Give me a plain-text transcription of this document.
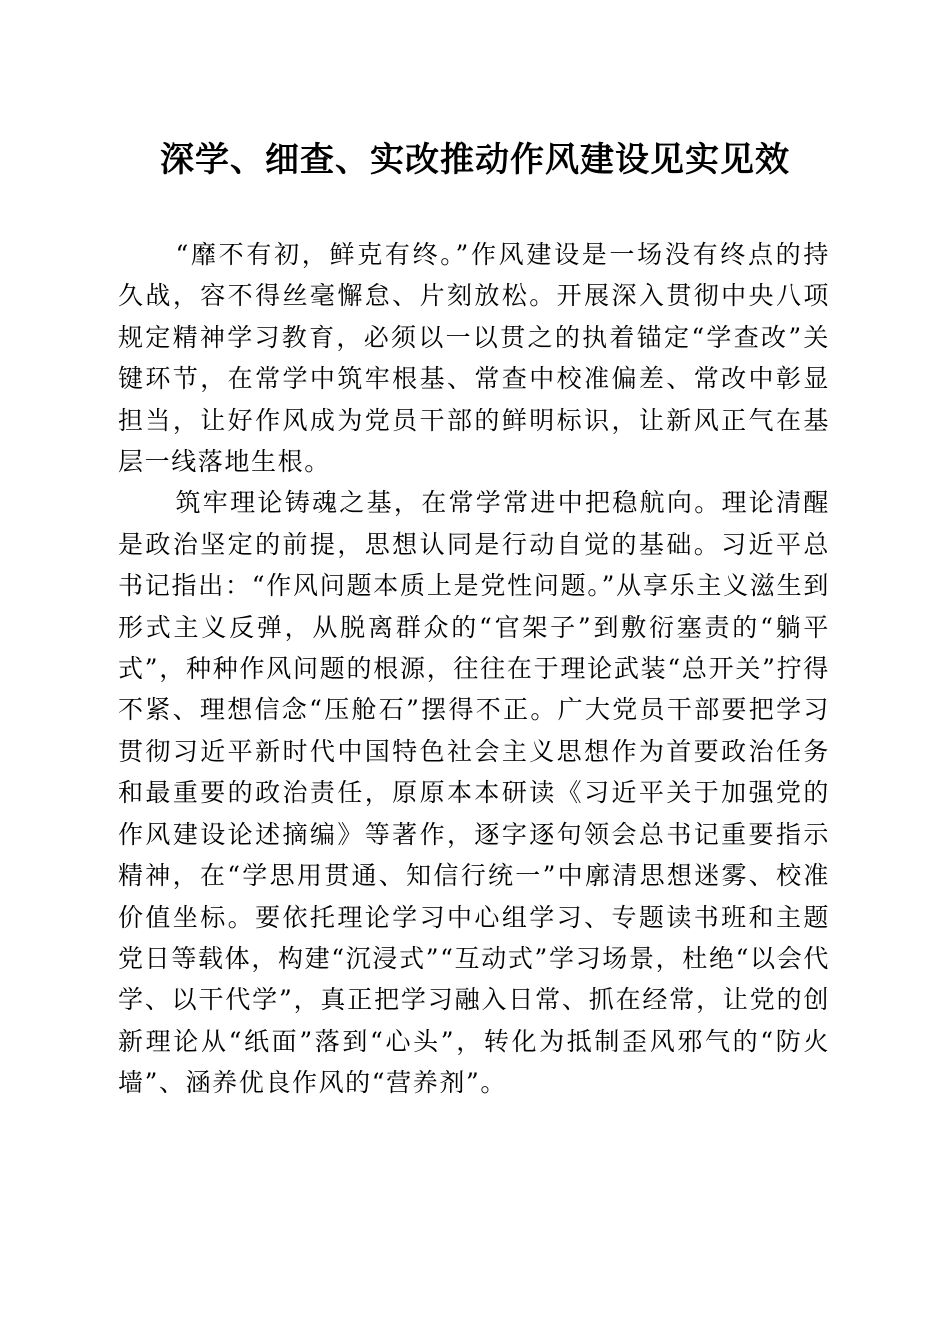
深学、细查、实改推动作风建设见实见效

“靡不有初，鲜克有终。”作风建设是一场没有终点的持久战，容不得丝毫懈怠、片刻放松。开展深入贯彻中央八项规定精神学习教育，必须以一以贯之的执着锚定“学查改”关键环节，在常学中筑牢根基、常查中校准偏差、常改中彰显担当，让好作风成为党员干部的鲜明标识，让新风正气在基层一线落地生根。

筑牢理论铸魂之基，在常学常进中把稳航向。理论清醒是政治坚定的前提，思想认同是行动自觉的基础。习近平总书记指出：“作风问题本质上是党性问题。”从享乐主义滋生到形式主义反弹，从脱离群众的“官架子”到敷衍塞责的“躺平式”，种种作风问题的根源，往往在于理论武装“总开关”拧得不紧、理想信念“压舱石”摆得不正。广大党员干部要把学习贯彻习近平新时代中国特色社会主义思想作为首要政治任务和最重要的政治责任，原原本本研读《习近平关于加强党的作风建设论述摘编》等著作，逐字逐句领会总书记重要指示精神，在“学思用贯通、知信行统一”中廓清思想迷雾、校准价值坐标。要依托理论学习中心组学习、专题读书班和主题党日等载体，构建“沉浸式”“互动式”学习场景，杜绝“以会代学、以干代学”，真正把学习融入日常、抓在经常，让党的创新理论从“纸面”落到“心头”，转化为抵制歪风邪气的“防火墙”、涵养优良作风的“营养剂”。
